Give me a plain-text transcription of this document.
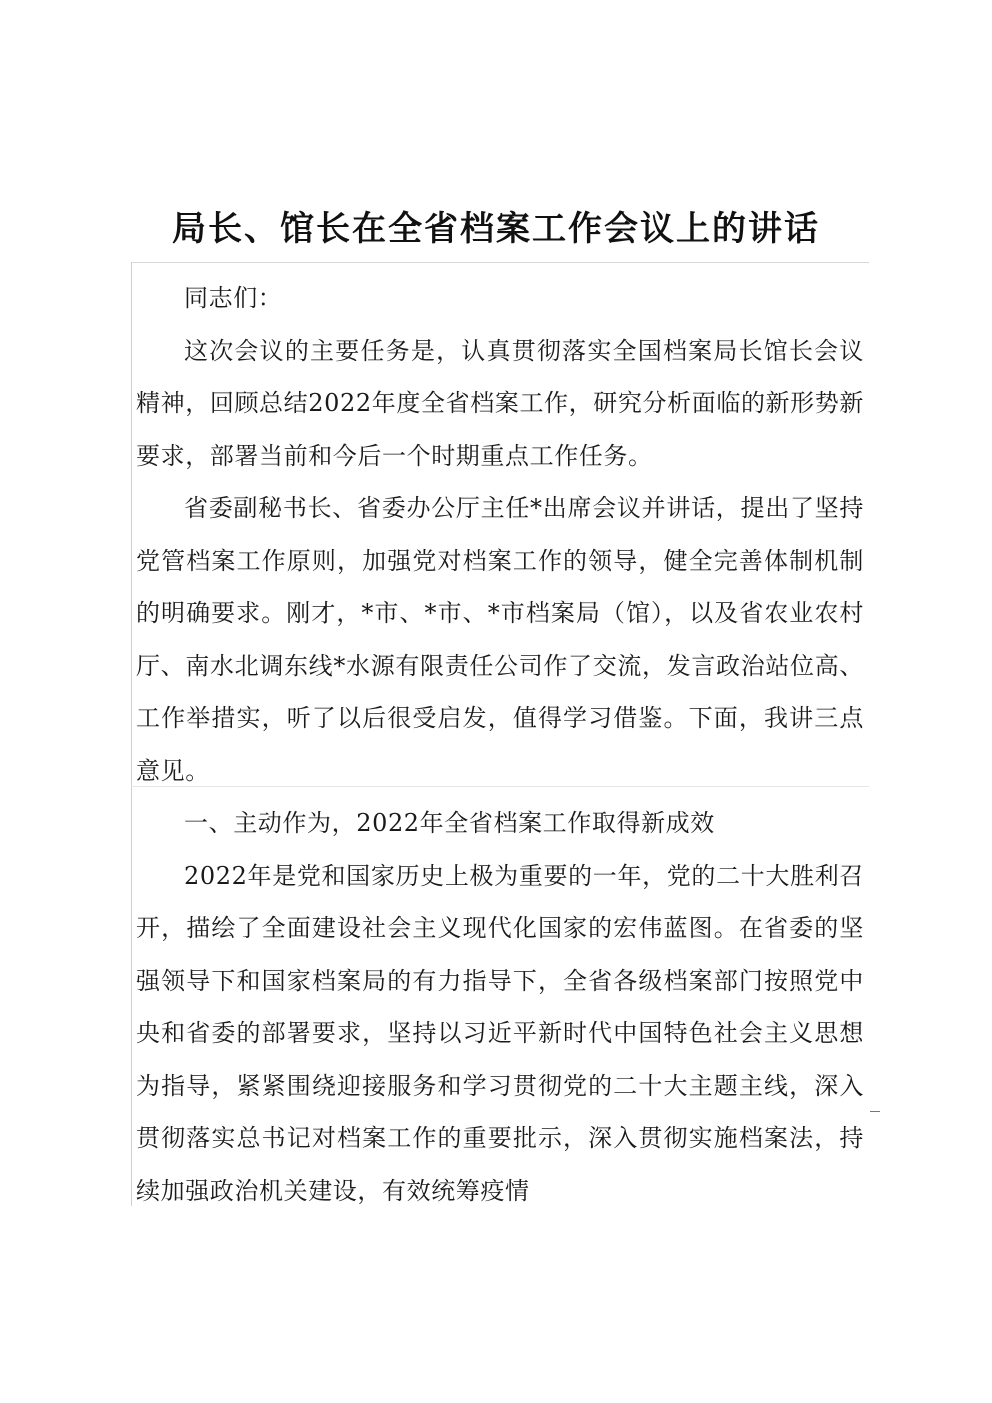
局长、馆长在全省档案工作会议上的讲话

同志们：

这次会议的主要任务是，认真贯彻落实全国档案局长馆长会议精神，回顾总结2022年度全省档案工作，研究分析面临的新形势新要求，部署当前和今后一个时期重点工作任务。

省委副秘书长、省委办公厅主任*出席会议并讲话，提出了坚持党管档案工作原则，加强党对档案工作的领导，健全完善体制机制的明确要求。刚才，*市、*市、*市档案局（馆），以及省农业农村厅、南水北调东线*水源有限责任公司作了交流，发言政治站位高、工作举措实，听了以后很受启发，值得学习借鉴。下面，我讲三点意见。

一、主动作为，2022年全省档案工作取得新成效

2022年是党和国家历史上极为重要的一年，党的二十大胜利召开，描绘了全面建设社会主义现代化国家的宏伟蓝图。在省委的坚强领导下和国家档案局的有力指导下，全省各级档案部门按照党中央和省委的部署要求，坚持以习近平新时代中国特色社会主义思想为指导，紧紧围绕迎接服务和学习贯彻党的二十大主题主线，深入贯彻落实总书记对档案工作的重要批示，深入贯彻实施档案法，持续加强政治机关建设，有效统筹疫情
